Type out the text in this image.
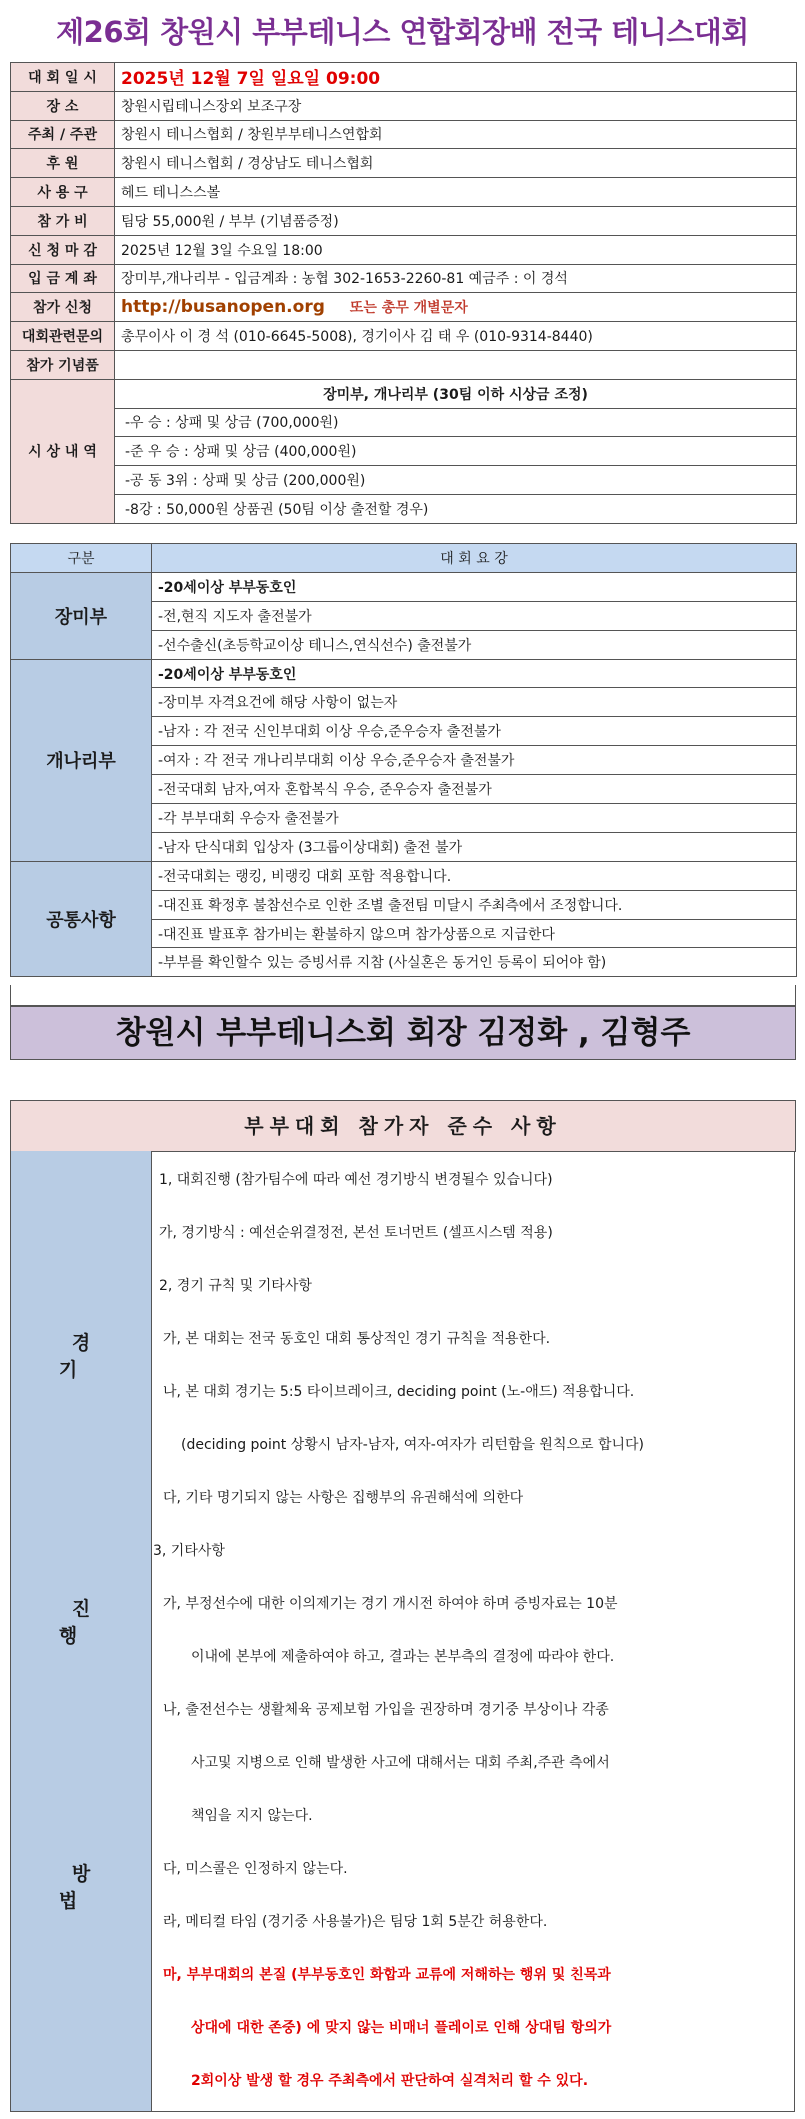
제26회 창원시 부부테니스 연합회장배 전국 테니스대회
대 회 일 시	2025년 12월 7일 일요일 09:00
장 소	창원시립테니스장외 보조구장
주최 / 주관	창원시 테니스협회 / 창원부부테니스연합회
후 원	창원시 테니스협회 / 경상남도 테니스협회
사 용 구	헤드 테니스스볼
참 가 비	팀당 55,000원 / 부부 (기념품증정)
신 청 마 감	2025년 12월 3일 수요일 18:00
입 금 계 좌	장미부,개나리부 - 입금계좌 : 농협 302-1653-2260-81 예금주 : 이 경석
참가 신청	http://busanopen.org 또는 총무 개별문자
대회관련문의	총무이사 이 경 석 (010-6645-5008), 경기이사 김 태 우 (010-9314-8440)
참가 기념품	
시 상 내 역	장미부, 개나리부 (30팀 이하 시상금 조정)
	-우 승 : 상패 및 상금 (700,000원)
	-준 우 승 : 상패 및 상금 (400,000원)
	-공 동 3위 : 상패 및 상금 (200,000원)
	-8강 : 50,000원 상품권 (50팀 이상 출전할 경우)
구분	대 회 요 강
장미부	-20세이상 부부동호인
	-전,현직 지도자 출전불가
	-선수출신(초등학교이상 테니스,연식선수) 출전불가
개나리부	-20세이상 부부동호인
	-장미부 자격요건에 해당 사항이 없는자
	-남자 : 각 전국 신인부대회 이상 우승,준우승자 출전불가
	-여자 : 각 전국 개나리부대회 이상 우승,준우승자 출전불가
	-전국대회 남자,여자 혼합복식 우승, 준우승자 출전불가
	-각 부부대회 우승자 출전불가
	-남자 단식대회 입상자 (3그룹이상대회) 출전 불가
공통사항	-전국대회는 랭킹, 비랭킹 대회 포함 적용합니다.
	-대진표 확정후 불참선수로 인한 조별 출전팀 미달시 주최측에서 조정합니다.
	-대진표 발표후 참가비는 환불하지 않으며 참가상품으로 지급한다
	-부부를 확인할수 있는 증빙서류 지참 (사실혼은 동거인 등록이 되어야 함)
창원시 부부테니스회 회장 김정화 , 김형주
부부대회 참가자 준수 사항
경 기
진 행
방 법
1, 대회진행 (참가팀수에 따라 예선 경기방식 변경될수 있습니다)
가, 경기방식 : 예선순위결정전, 본선 토너먼트 (셀프시스템 적용)
2, 경기 규칙 및 기타사항
가, 본 대회는 전국 동호인 대회 통상적인 경기 규칙을 적용한다.
나, 본 대회 경기는 5:5 타이브레이크, deciding point (노-애드) 적용합니다.
(deciding point 상황시 남자-남자, 여자-여자가 리턴함을 원칙으로 합니다)
다, 기타 명기되지 않는 사항은 집행부의 유권해석에 의한다
3, 기타사항
가, 부정선수에 대한 이의제기는 경기 개시전 하여야 하며 증빙자료는 10분
이내에 본부에 제출하여야 하고, 결과는 본부측의 결정에 따라야 한다.
나, 출전선수는 생활체육 공제보험 가입을 권장하며 경기중 부상이나 각종
사고및 지병으로 인해 발생한 사고에 대해서는 대회 주최,주관 측에서
책임을 지지 않는다.
다, 미스콜은 인정하지 않는다.
라, 메티컬 타임 (경기중 사용불가)은 팀당 1회 5분간 허용한다.
마, 부부대회의 본질 (부부동호인 화합과 교류에 저해하는 행위 및 친목과
상대에 대한 존중) 에 맞지 않는 비매너 플레이로 인해 상대팀 항의가
2회이상 발생 할 경우 주최측에서 판단하여 실격처리 할 수 있다.
